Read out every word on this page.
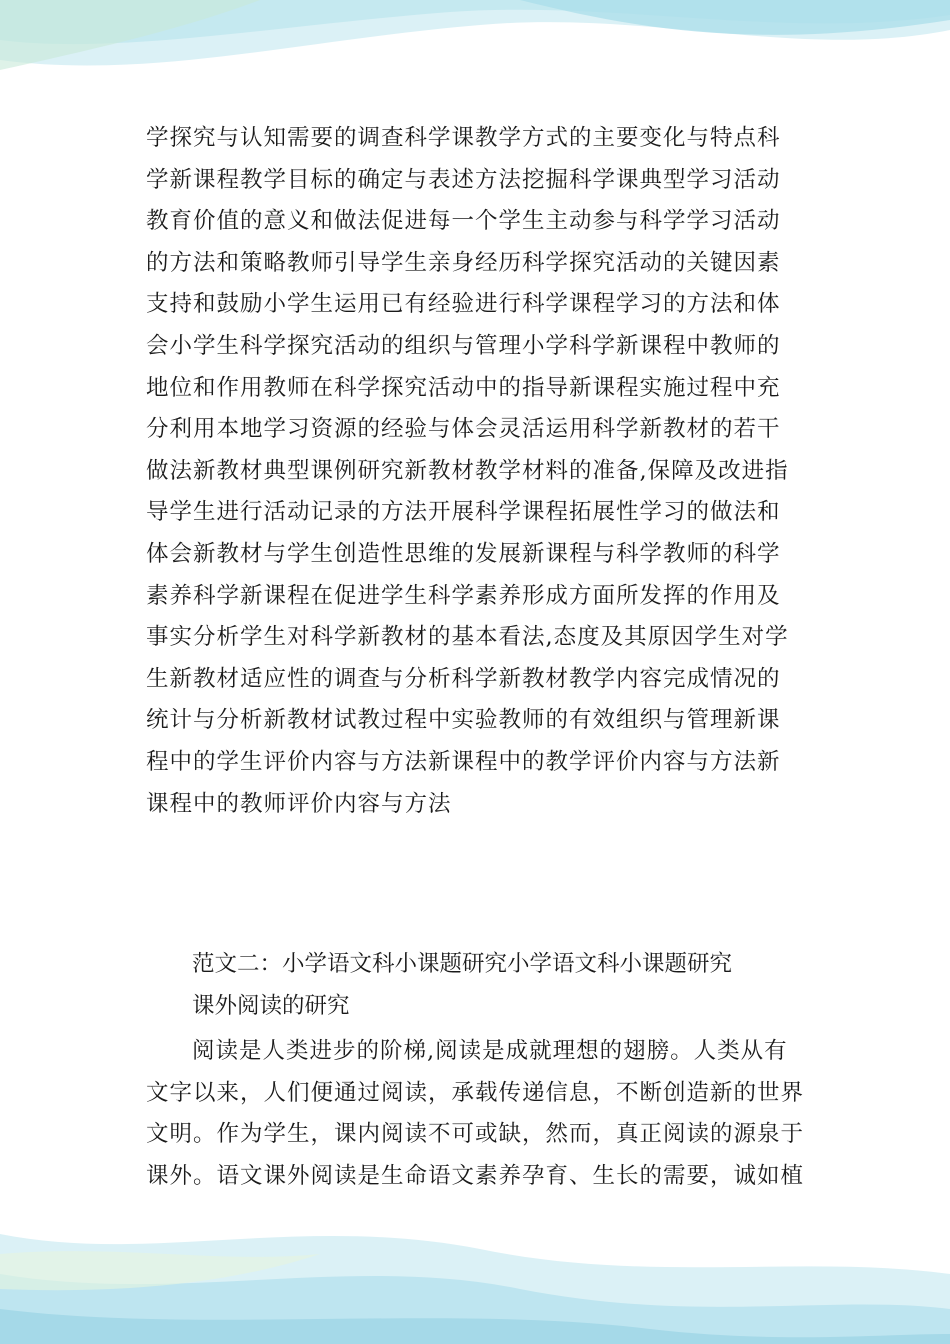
学探究与认知需要的调查科学课教学方式的主要变化与特点科
学新课程教学目标的确定与表述方法挖掘科学课典型学习活动
教育价值的意义和做法促进每一个学生主动参与科学学习活动
的方法和策略教师引导学生亲身经历科学探究活动的关键因素
支持和鼓励小学生运用已有经验进行科学课程学习的方法和体
会小学生科学探究活动的组织与管理小学科学新课程中教师的
地位和作用教师在科学探究活动中的指导新课程实施过程中充
分利用本地学习资源的经验与体会灵活运用科学新教材的若干
做法新教材典型课例研究新教材教学材料的准备,保障及改进指
导学生进行活动记录的方法开展科学课程拓展性学习的做法和
体会新教材与学生创造性思维的发展新课程与科学教师的科学
素养科学新课程在促进学生科学素养形成方面所发挥的作用及
事实分析学生对科学新教材的基本看法,态度及其原因学生对学
生新教材适应性的调查与分析科学新教材教学内容完成情况的
统计与分析新教材试教过程中实验教师的有效组织与管理新课
程中的学生评价内容与方法新课程中的教学评价内容与方法新
课程中的教师评价内容与方法

范文二：小学语文科小课题研究小学语文科小课题研究

课外阅读的研究

阅读是人类进步的阶梯,阅读是成就理想的翅膀。人类从有
文字以来，人们便通过阅读，承载传递信息，不断创造新的世界
文明。作为学生，课内阅读不可或缺，然而，真正阅读的源泉于
课外。语文课外阅读是生命语文素养孕育、生长的需要，诚如植
